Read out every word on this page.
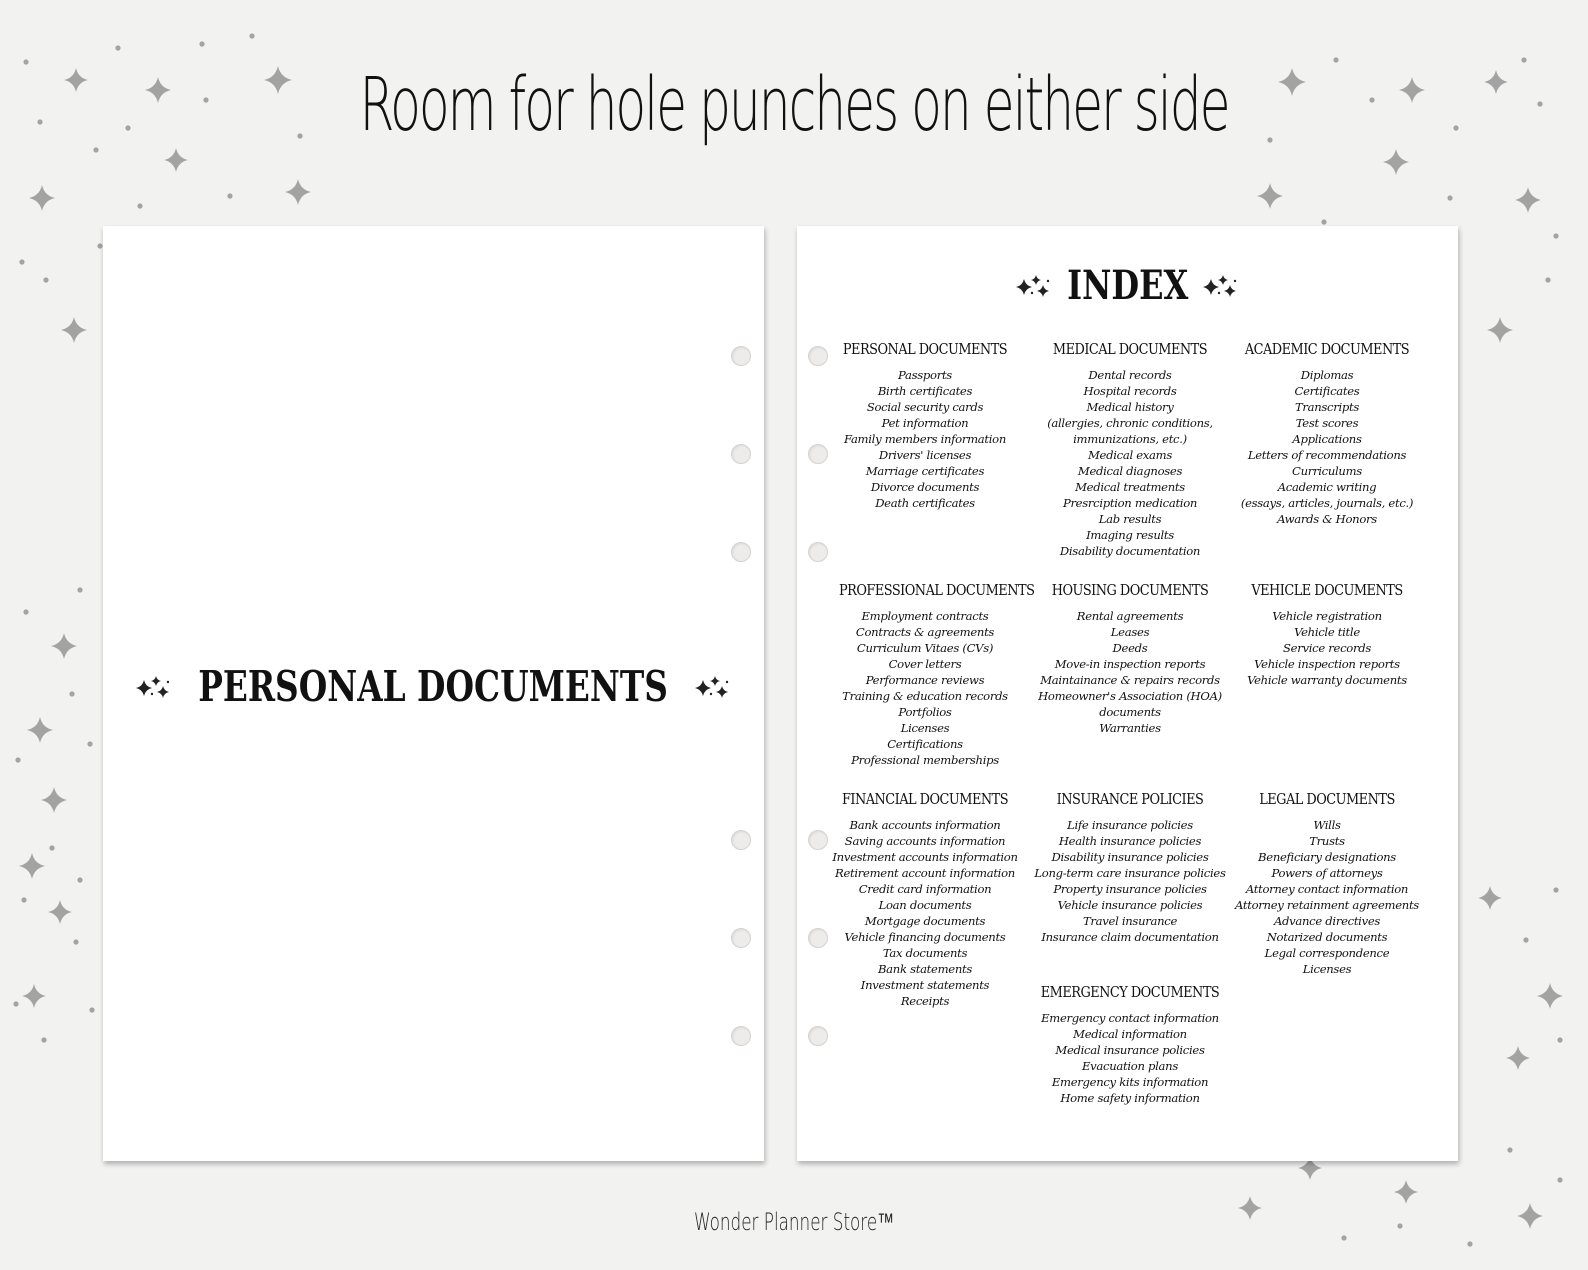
Room for hole punches on either side
PERSONAL DOCUMENTS
INDEX
PERSONAL DOCUMENTS
Passports
Birth certificates
Social security cards
Pet information
Family members information
Drivers' licenses
Marriage certificates
Divorce documents
Death certificates
MEDICAL DOCUMENTS
Dental records
Hospital records
Medical history
(allergies, chronic conditions,
immunizations, etc.)
Medical exams
Medical diagnoses
Medical treatments
Presrciption medication
Lab results
Imaging results
Disability documentation
ACADEMIC DOCUMENTS
Diplomas
Certificates
Transcripts
Test scores
Applications
Letters of recommendations
Curriculums
Academic writing
(essays, articles, journals, etc.)
Awards & Honors
PROFESSIONAL DOCUMENTS
Employment contracts
Contracts & agreements
Curriculum Vitaes (CVs)
Cover letters
Performance reviews
Training & education records
Portfolios
Licenses
Certifications
Professional memberships
HOUSING DOCUMENTS
Rental agreements
Leases
Deeds
Move-in inspection reports
Maintainance & repairs records
Homeowner's Association (HOA)
documents
Warranties
VEHICLE DOCUMENTS
Vehicle registration
Vehicle title
Service records
Vehicle inspection reports
Vehicle warranty documents
FINANCIAL DOCUMENTS
Bank accounts information
Saving accounts information
Investment accounts information
Retirement account information
Credit card information
Loan documents
Mortgage documents
Vehicle financing documents
Tax documents
Bank statements
Investment statements
Receipts
INSURANCE POLICIES
Life insurance policies
Health insurance policies
Disability insurance policies
Long-term care insurance policies
Property insurance policies
Vehicle insurance policies
Travel insurance
Insurance claim documentation
LEGAL DOCUMENTS
Wills
Trusts
Beneficiary designations
Powers of attorneys
Attorney contact information
Attorney retainment agreements
Advance directives
Notarized documents
Legal correspondence
Licenses
EMERGENCY DOCUMENTS
Emergency contact information
Medical information
Medical insurance policies
Evacuation plans
Emergency kits information
Home safety information
Wonder Planner Store™
